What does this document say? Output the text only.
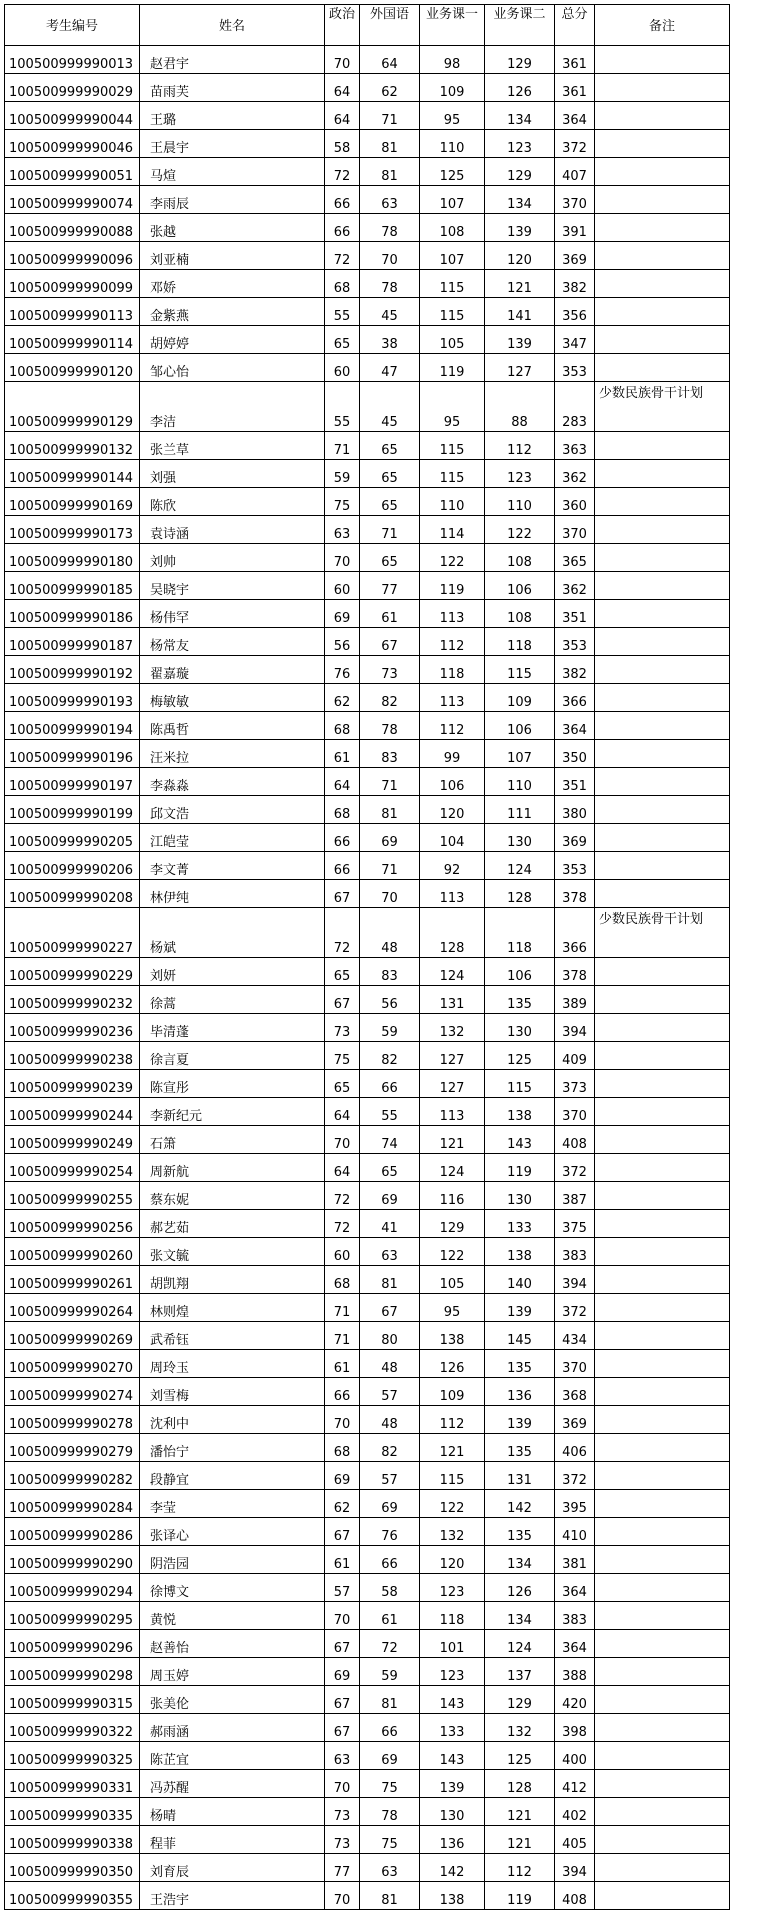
考生编号	姓名	政治	外国语	业务课一	业务课二	总分	备注
100500999990013	赵君宇	70	64	98	129	361	
100500999990029	苗雨芙	64	62	109	126	361	
100500999990044	王璐	64	71	95	134	364	
100500999990046	王晨宇	58	81	110	123	372	
100500999990051	马煊	72	81	125	129	407	
100500999990074	李雨辰	66	63	107	134	370	
100500999990088	张越	66	78	108	139	391	
100500999990096	刘亚楠	72	70	107	120	369	
100500999990099	邓娇	68	78	115	121	382	
100500999990113	金紫燕	55	45	115	141	356	
100500999990114	胡婷婷	65	38	105	139	347	
100500999990120	邹心怡	60	47	119	127	353	
100500999990129	李洁	55	45	95	88	283	少数民族骨干计划
100500999990132	张兰草	71	65	115	112	363	
100500999990144	刘强	59	65	115	123	362	
100500999990169	陈欣	75	65	110	110	360	
100500999990173	袁诗涵	63	71	114	122	370	
100500999990180	刘帅	70	65	122	108	365	
100500999990185	吴晓宇	60	77	119	106	362	
100500999990186	杨伟罕	69	61	113	108	351	
100500999990187	杨常友	56	67	112	118	353	
100500999990192	翟嘉璇	76	73	118	115	382	
100500999990193	梅敏敏	62	82	113	109	366	
100500999990194	陈禹哲	68	78	112	106	364	
100500999990196	汪米拉	61	83	99	107	350	
100500999990197	李淼淼	64	71	106	110	351	
100500999990199	邱文浩	68	81	120	111	380	
100500999990205	江皑莹	66	69	104	130	369	
100500999990206	李文菁	66	71	92	124	353	
100500999990208	林伊纯	67	70	113	128	378	
100500999990227	杨斌	72	48	128	118	366	少数民族骨干计划
100500999990229	刘妍	65	83	124	106	378	
100500999990232	徐蒿	67	56	131	135	389	
100500999990236	毕清蓬	73	59	132	130	394	
100500999990238	徐言夏	75	82	127	125	409	
100500999990239	陈宣彤	65	66	127	115	373	
100500999990244	李新纪元	64	55	113	138	370	
100500999990249	石箫	70	74	121	143	408	
100500999990254	周新航	64	65	124	119	372	
100500999990255	蔡东妮	72	69	116	130	387	
100500999990256	郝艺茹	72	41	129	133	375	
100500999990260	张文毓	60	63	122	138	383	
100500999990261	胡凯翔	68	81	105	140	394	
100500999990264	林则煌	71	67	95	139	372	
100500999990269	武希钰	71	80	138	145	434	
100500999990270	周玲玉	61	48	126	135	370	
100500999990274	刘雪梅	66	57	109	136	368	
100500999990278	沈利中	70	48	112	139	369	
100500999990279	潘怡宁	68	82	121	135	406	
100500999990282	段静宜	69	57	115	131	372	
100500999990284	李莹	62	69	122	142	395	
100500999990286	张译心	67	76	132	135	410	
100500999990290	阴浩园	61	66	120	134	381	
100500999990294	徐博文	57	58	123	126	364	
100500999990295	黄悦	70	61	118	134	383	
100500999990296	赵善怡	67	72	101	124	364	
100500999990298	周玉婷	69	59	123	137	388	
100500999990315	张美伦	67	81	143	129	420	
100500999990322	郝雨涵	67	66	133	132	398	
100500999990325	陈芷宜	63	69	143	125	400	
100500999990331	冯苏醒	70	75	139	128	412	
100500999990335	杨晴	73	78	130	121	402	
100500999990338	程菲	73	75	136	121	405	
100500999990350	刘育辰	77	63	142	112	394	
100500999990355	王浩宇	70	81	138	119	408	
